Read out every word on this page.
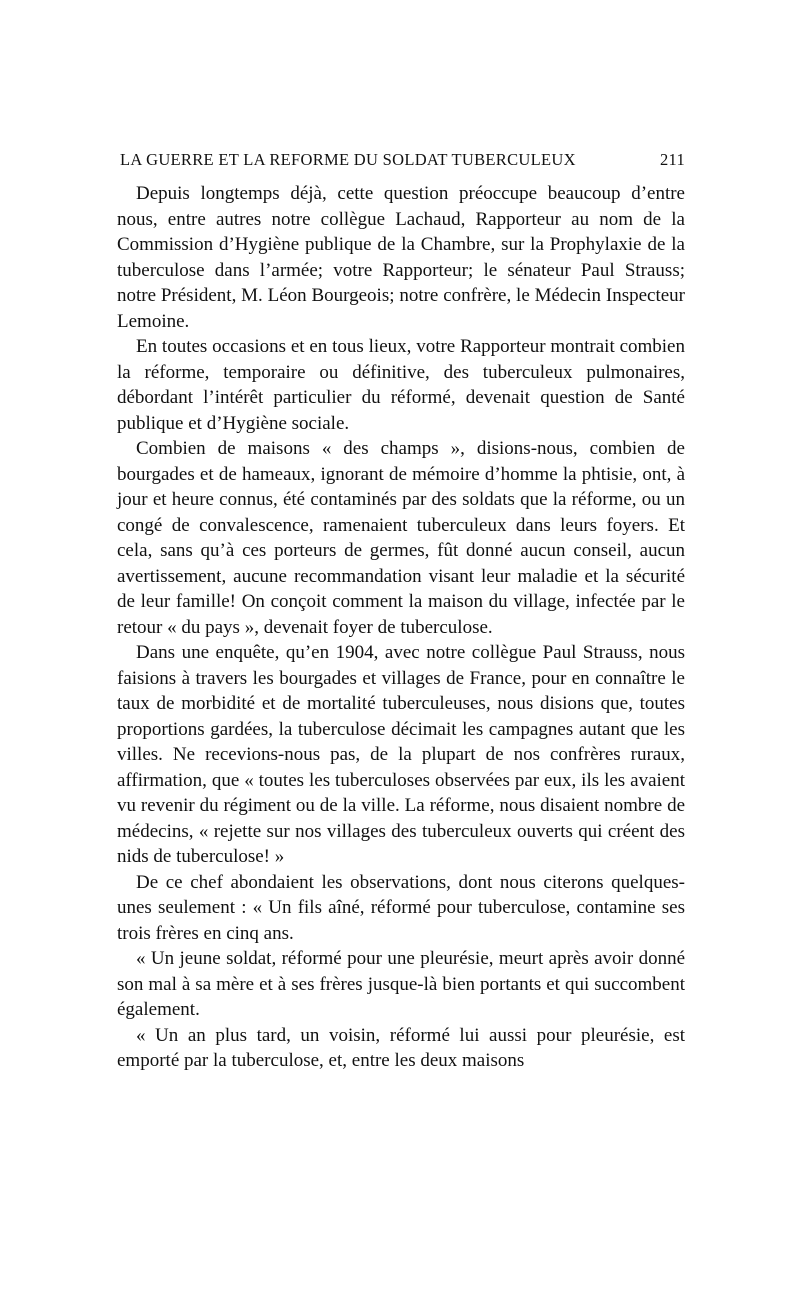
LA GUERRE ET LA REFORME DU SOLDAT TUBERCULEUX	211

Depuis longtemps déjà, cette question préoccupe beaucoup d’entre nous, entre autres notre collègue Lachaud, Rapporteur au nom de la Commission d’Hygiène publique de la Chambre, sur la Prophylaxie de la tuberculose dans l’armée; votre Rapporteur; le sénateur Paul Strauss; notre Président, M. Léon Bourgeois; notre confrère, le Médecin Inspecteur Lemoine.

En toutes occasions et en tous lieux, votre Rapporteur montrait combien la réforme, temporaire ou définitive, des tuberculeux pulmonaires, débordant l’intérêt particulier du réformé, devenait question de Santé publique et d’Hygiène sociale.

Combien de maisons « des champs », disions-nous, combien de bourgades et de hameaux, ignorant de mémoire d’homme la phtisie, ont, à jour et heure connus, été contaminés par des soldats que la réforme, ou un congé de convalescence, ramenaient tuberculeux dans leurs foyers. Et cela, sans qu’à ces porteurs de germes, fût donné aucun conseil, aucun avertissement, aucune recommandation visant leur maladie et la sécurité de leur famille! On conçoit comment la maison du village, infectée par le retour « du pays », devenait foyer de tuberculose.

Dans une enquête, qu’en 1904, avec notre collègue Paul Strauss, nous faisions à travers les bourgades et villages de France, pour en connaître le taux de morbidité et de mortalité tuberculeuses, nous disions que, toutes proportions gardées, la tuberculose décimait les campagnes autant que les villes. Ne recevions-nous pas, de la plupart de nos confrères ruraux, affirmation, que « toutes les tuberculoses observées par eux, ils les avaient vu revenir du régiment ou de la ville. La réforme, nous disaient nombre de médecins, « rejette sur nos villages des tuberculeux ouverts qui créent des nids de tuberculose! »

De ce chef abondaient les observations, dont nous citerons quelques-unes seulement : « Un fils aîné, réformé pour tuberculose, contamine ses trois frères en cinq ans.

« Un jeune soldat, réformé pour une pleurésie, meurt après avoir donné son mal à sa mère et à ses frères jusque-là bien portants et qui succombent également.

« Un an plus tard, un voisin, réformé lui aussi pour pleurésie, est emporté par la tuberculose, et, entre les deux maisons
